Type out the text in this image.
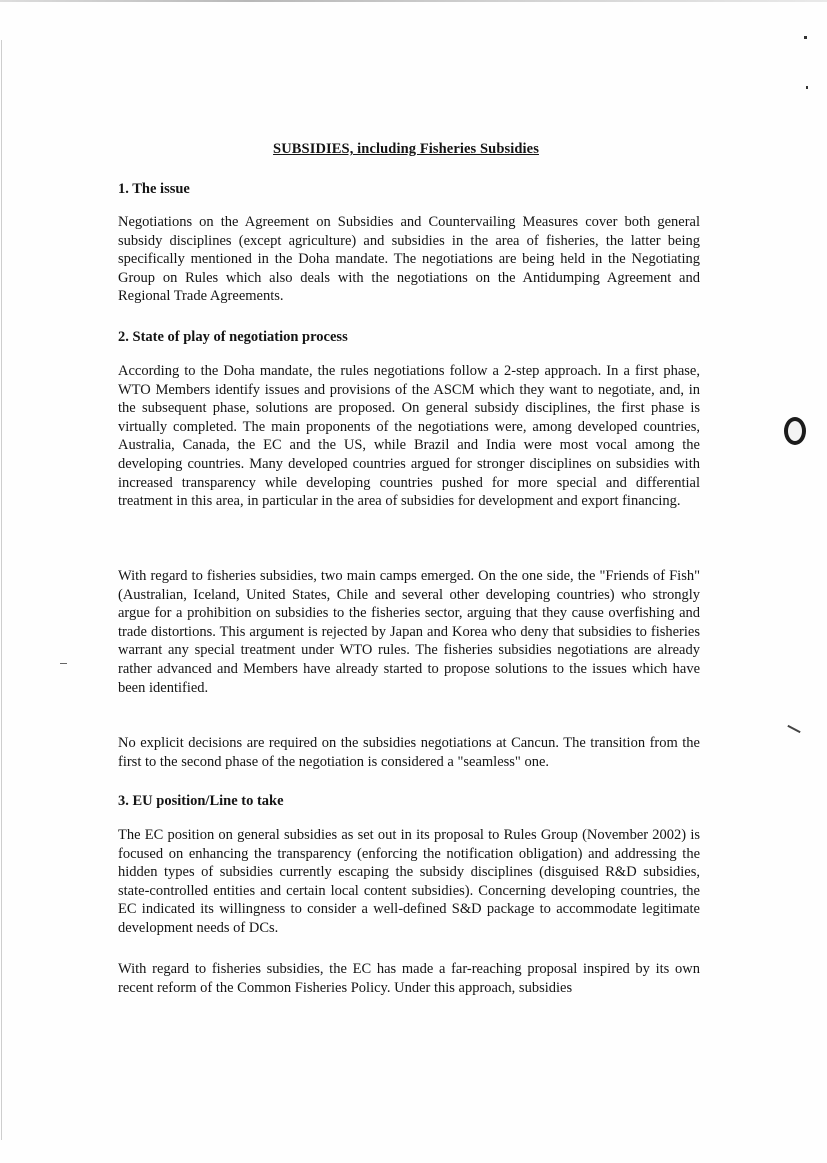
SUBSIDIES, including Fisheries Subsidies
1. The issue
Negotiations on the Agreement on Subsidies and Countervailing Measures cover both general subsidy disciplines (except agriculture) and subsidies in the area of fisheries, the latter being specifically mentioned in the Doha mandate. The negotiations are being held in the Negotiating Group on Rules which also deals with the negotiations on the Antidumping Agreement and Regional Trade Agreements.
2. State of play of negotiation process
According to the Doha mandate, the rules negotiations follow a 2-step approach. In a first phase, WTO Members identify issues and provisions of the ASCM which they want to negotiate, and, in the subsequent phase, solutions are proposed. On general subsidy disciplines, the first phase is virtually completed. The main proponents of the negotiations were, among developed countries, Australia, Canada, the EC and the US, while Brazil and India were most vocal among the developing countries. Many developed countries argued for stronger disciplines on subsidies with increased transparency while developing countries pushed for more special and differential treatment in this area, in particular in the area of subsidies for development and export financing.
With regard to fisheries subsidies, two main camps emerged. On the one side, the "Friends of Fish" (Australian, Iceland, United States, Chile and several other developing countries) who strongly argue for a prohibition on subsidies to the fisheries sector, arguing that they cause overfishing and trade distortions. This argument is rejected by Japan and Korea who deny that subsidies to fisheries warrant any special treatment under WTO rules. The fisheries subsidies negotiations are already rather advanced and Members have already started to propose solutions to the issues which have been identified.
No explicit decisions are required on the subsidies negotiations at Cancun. The transition from the first to the second phase of the negotiation is considered a "seamless" one.
3. EU position/Line to take
The EC position on general subsidies as set out in its proposal to Rules Group (November 2002) is focused on enhancing the transparency (enforcing the notification obligation) and addressing the hidden types of subsidies currently escaping the subsidy disciplines (disguised R&D subsidies, state-controlled entities and certain local content subsidies). Concerning developing countries, the EC indicated its willingness to consider a well-defined S&D package to accommodate legitimate development needs of DCs.
With regard to fisheries subsidies, the EC has made a far-reaching proposal inspired by its own recent reform of the Common Fisheries Policy. Under this approach, subsidies
